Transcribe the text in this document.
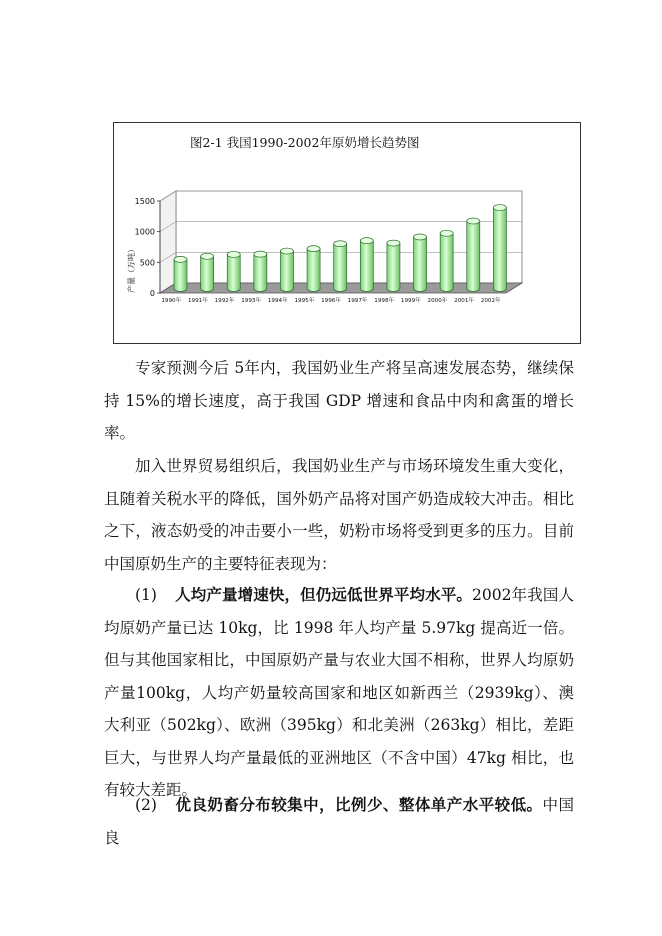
图2-1 我国1990-2002年原奶增长趋势图
产量（万吨）
0
500
1000
1500
1990年 1991年 1992年 1993年 1994年 1995年 1996年 1997年 1998年 1999年 2000年 2001年 2002年

专家预测今后 5年内，我国奶业生产将呈高速发展态势，继续保持 15%的增长速度，高于我国 GDP 增速和食品中肉和禽蛋的增长率。

加入世界贸易组织后，我国奶业生产与市场环境发生重大变化，且随着关税水平的降低，国外奶产品将对国产奶造成较大冲击。相比之下，液态奶受的冲击要小一些，奶粉市场将受到更多的压力。目前中国原奶生产的主要特征表现为：

(1) 人均产量增速快，但仍远低世界平均水平。2002年我国人均原奶产量已达 10kg，比 1998 年人均产量 5.97kg 提高近一倍。但与其他国家相比，中国原奶产量与农业大国不相称，世界人均原奶产量100kg，人均产奶量较高国家和地区如新西兰（2939kg）、澳大利亚（502kg）、欧洲（395kg）和北美洲（263kg）相比，差距巨大，与世界人均产量最低的亚洲地区（不含中国）47kg 相比，也有较大差距。

(2) 优良奶畜分布较集中，比例少、整体单产水平较低。中国良
